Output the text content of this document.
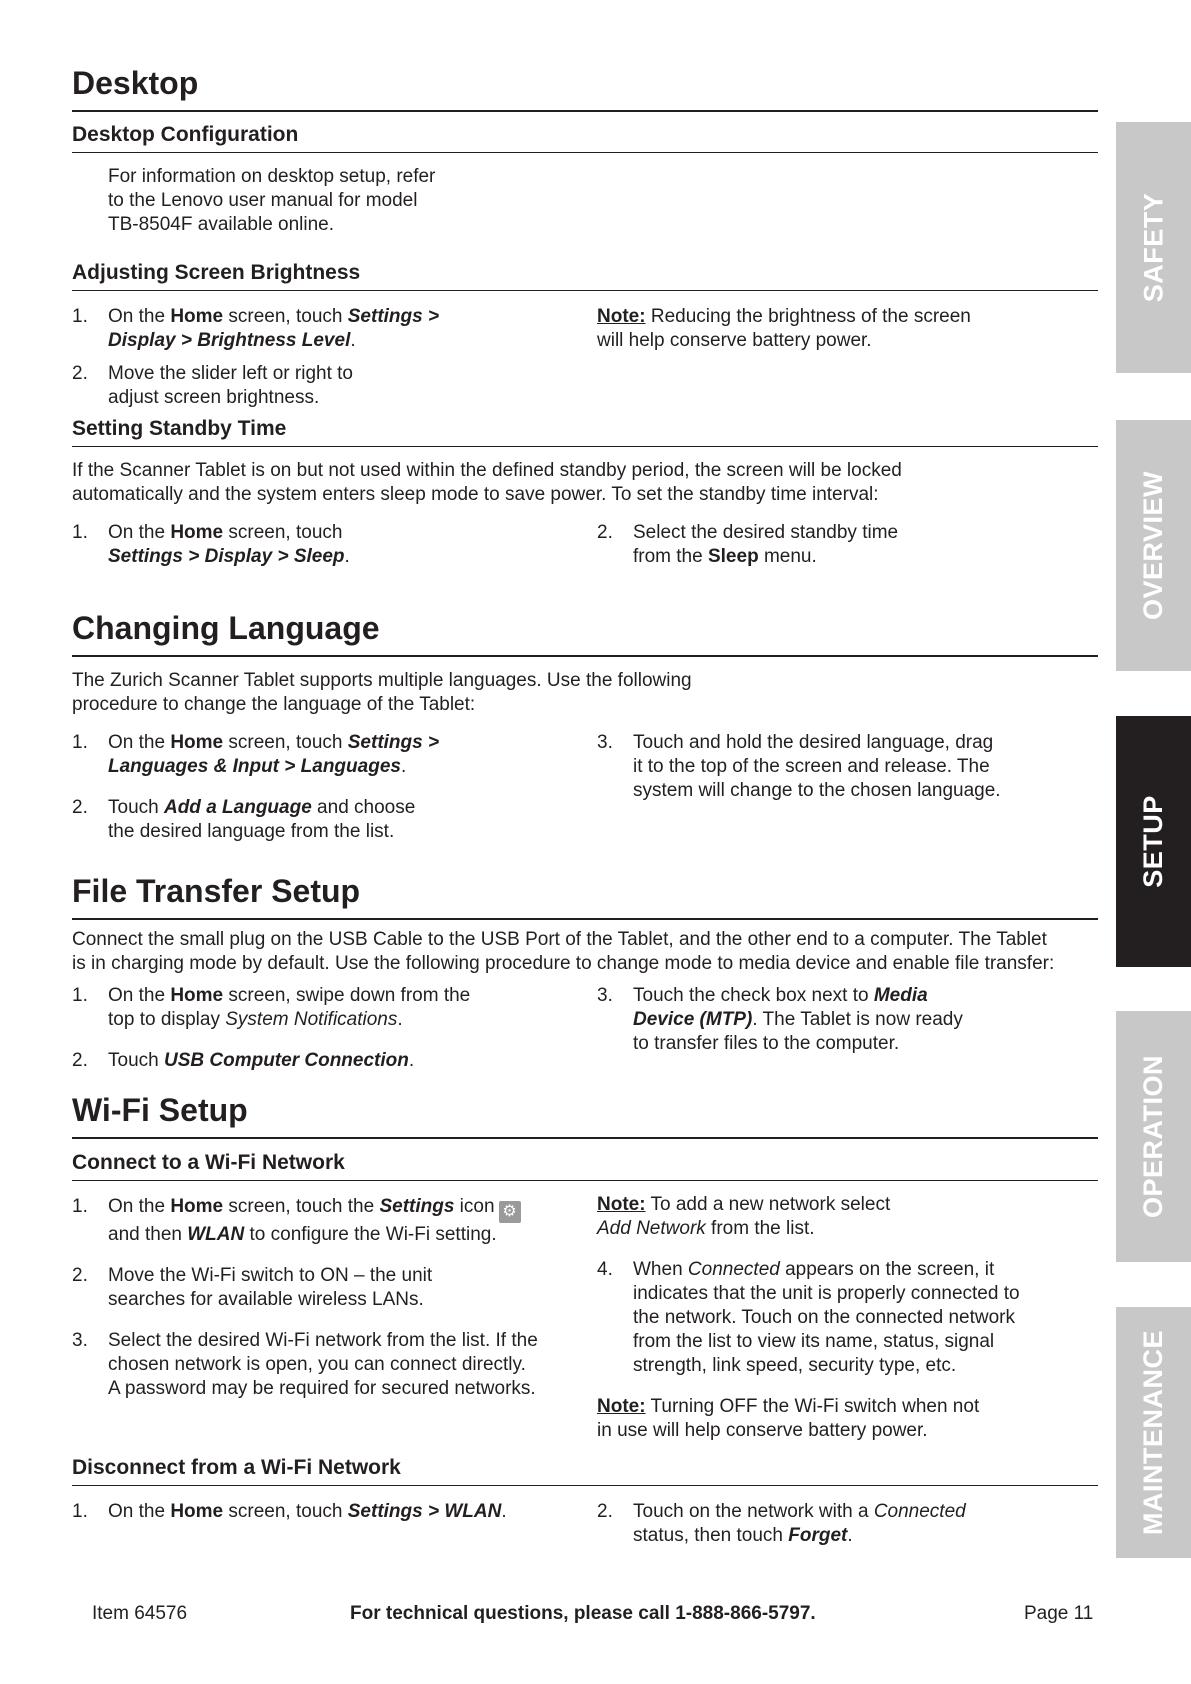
Desktop
Desktop Configuration
For information on desktop setup, refer
to the Lenovo user manual for model
TB-8504F available online.
Adjusting Screen Brightness
1.	On the Home screen, touch Settings >
Display > Brightness Level.
2.	Move the slider left or right to
adjust screen brightness.
Note: Reducing the brightness of the screen
will help conserve battery power.
Setting Standby Time
If the Scanner Tablet is on but not used within the defined standby period, the screen will be locked
automatically and the system enters sleep mode to save power. To set the standby time interval:
1.	On the Home screen, touch
Settings > Display > Sleep.
2.	Select the desired standby time
from the Sleep menu.
Changing Language
The Zurich Scanner Tablet supports multiple languages. Use the following
procedure to change the language of the Tablet:
1.	On the Home screen, touch Settings >
Languages & Input > Languages.
2.	Touch Add a Language and choose
the desired language from the list.
3.	Touch and hold the desired language, drag
it to the top of the screen and release. The
system will change to the chosen language.
File Transfer Setup
Connect the small plug on the USB Cable to the USB Port of the Tablet, and the other end to a computer. The Tablet
is in charging mode by default. Use the following procedure to change mode to media device and enable file transfer:
1.	On the Home screen, swipe down from the
top to display System Notifications.
2.	Touch USB Computer Connection.
3.	Touch the check box next to Media
Device (MTP). The Tablet is now ready
to transfer files to the computer.
Wi-Fi Setup
Connect to a Wi-Fi Network
1.	On the Home screen, touch the Settings icon ⚙
and then WLAN to configure the Wi-Fi setting.
2.	Move the Wi-Fi switch to ON – the unit
searches for available wireless LANs.
3.	Select the desired Wi-Fi network from the list. If the
chosen network is open, you can connect directly.
A password may be required for secured networks.
Note: To add a new network select
Add Network from the list.
4.	When Connected appears on the screen, it
indicates that the unit is properly connected to
the network. Touch on the connected network
from the list to view its name, status, signal
strength, link speed, security type, etc.
Note: Turning OFF the Wi-Fi switch when not
in use will help conserve battery power.
Disconnect from a Wi-Fi Network
1.	On the Home screen, touch Settings > WLAN.	2.	Touch on the network with a Connected
status, then touch Forget.
SAFETY
OVERVIEW
SETUP
OPERATION
MAINTENANCE
Item 64576	For technical questions, please call 1-888-866-5797.	Page 11
